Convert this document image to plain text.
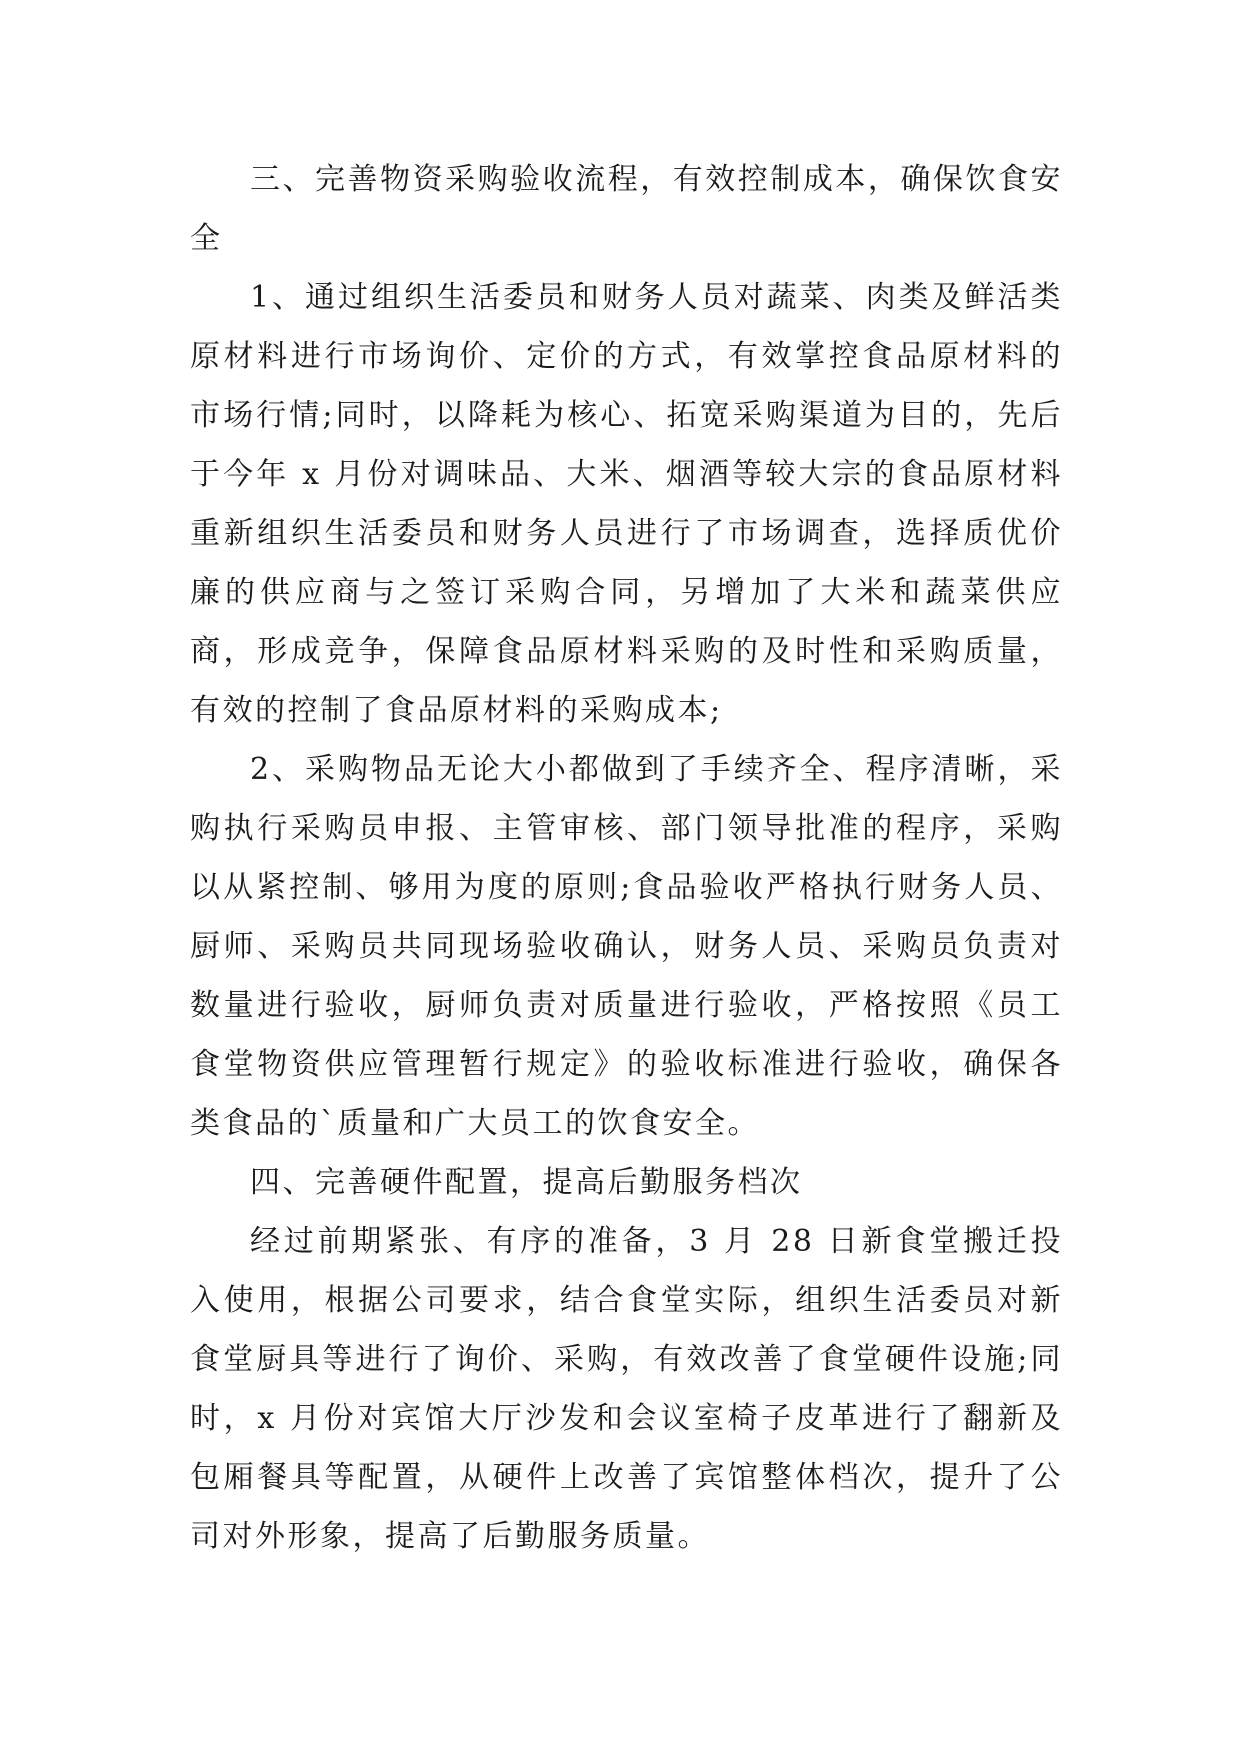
三、完善物资采购验收流程，有效控制成本，确保饮食安全

1、通过组织生活委员和财务人员对蔬菜、肉类及鲜活类原材料进行市场询价、定价的方式，有效掌控食品原材料的市场行情;同时，以降耗为核心、拓宽采购渠道为目的，先后于今年 x 月份对调味品、大米、烟酒等较大宗的食品原材料重新组织生活委员和财务人员进行了市场调查，选择质优价廉的供应商与之签订采购合同，另增加了大米和蔬菜供应商，形成竞争，保障食品原材料采购的及时性和采购质量，有效的控制了食品原材料的采购成本;

2、采购物品无论大小都做到了手续齐全、程序清晰，采购执行采购员申报、主管审核、部门领导批准的程序，采购以从紧控制、够用为度的原则;食品验收严格执行财务人员、厨师、采购员共同现场验收确认，财务人员、采购员负责对数量进行验收，厨师负责对质量进行验收，严格按照《员工食堂物资供应管理暂行规定》的验收标准进行验收，确保各类食品的`质量和广大员工的饮食安全。

四、完善硬件配置，提高后勤服务档次

经过前期紧张、有序的准备，3 月 28 日新食堂搬迁投入使用，根据公司要求，结合食堂实际，组织生活委员对新食堂厨具等进行了询价、采购，有效改善了食堂硬件设施;同时，x 月份对宾馆大厅沙发和会议室椅子皮革进行了翻新及包厢餐具等配置，从硬件上改善了宾馆整体档次，提升了公司对外形象，提高了后勤服务质量。
